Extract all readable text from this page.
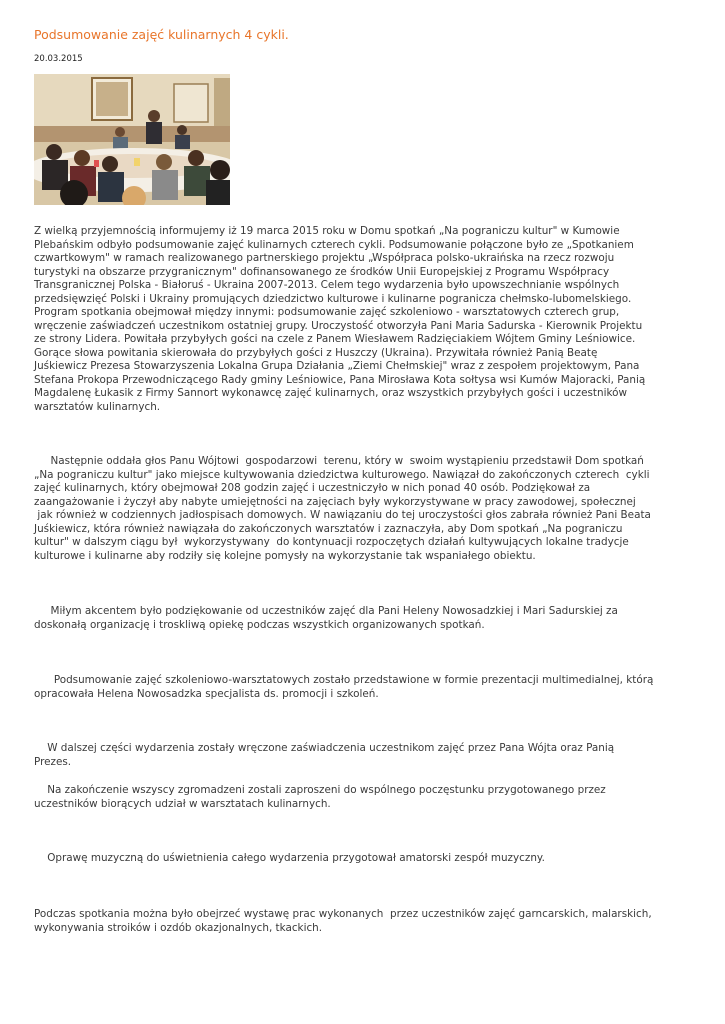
Podsumowanie zajęć kulinarnych 4 cykli.
20.03.2015
Z wielką przyjemnością informujemy iż 19 marca 2015 roku w Domu spotkań „Na pograniczu kultur" w Kumowie
Plebańskim odbyło podsumowanie zajęć kulinarnych czterech cykli. Podsumowanie połączone było ze „Spotkaniem
czwartkowym" w ramach realizowanego partnerskiego projektu „Współpraca polsko-ukraińska na rzecz rozwoju
turystyki na obszarze przygranicznym" dofinansowanego ze środków Unii Europejskiej z Programu Współpracy
Transgranicznej Polska - Białoruś - Ukraina 2007-2013. Celem tego wydarzenia było upowszechnianie wspólnych
przedsięwzięć Polski i Ukrainy promujących dziedzictwo kulturowe i kulinarne pogranicza chełmsko-lubomelskiego.
Program spotkania obejmował między innymi: podsumowanie zajęć szkoleniowo - warsztatowych czterech grup,
wręczenie zaświadczeń uczestnikom ostatniej grupy. Uroczystość otworzyła Pani Maria Sadurska - Kierownik Projektu
ze strony Lidera. Powitała przybyłych gości na czele z Panem Wiesławem Radzięciakiem Wójtem Gminy Leśniowice.
Gorące słowa powitania skierowała do przybyłych gości z Huszczy (Ukraina). Przywitała również Panią Beatę
Juśkiewicz Prezesa Stowarzyszenia Lokalna Grupa Działania „Ziemi Chełmskiej" wraz z zespołem projektowym, Pana
Stefana Prokopa Przewodniczącego Rady gminy Leśniowice, Pana Mirosława Kota sołtysa wsi Kumów Majoracki, Panią
Magdalenę Łukasik z Firmy Sannort wykonawcę zajęć kulinarnych, oraz wszystkich przybyłych gości i uczestników
warsztatów kulinarnych.
Następnie oddała głos Panu Wójtowi  gospodarzowi  terenu, który w  swoim wystąpieniu przedstawił Dom spotkań
„Na pograniczu kultur" jako miejsce kultywowania dziedzictwa kulturowego. Nawiązał do zakończonych czterech  cykli
zajęć kulinarnych, który obejmował 208 godzin zajęć i uczestniczyło w nich ponad 40 osób. Podziękował za
zaangażowanie i życzył aby nabyte umiejętności na zajęciach były wykorzystywane w pracy zawodowej, społecznej
jak również w codziennych jadłospisach domowych. W nawiązaniu do tej uroczystości głos zabrała również Pani Beata
Juśkiewicz, która również nawiązała do zakończonych warsztatów i zaznaczyła, aby Dom spotkań „Na pograniczu
kultur" w dalszym ciągu był  wykorzystywany  do kontynuacji rozpoczętych działań kultywujących lokalne tradycje
kulturowe i kulinarne aby rodziły się kolejne pomysły na wykorzystanie tak wspaniałego obiektu.
Miłym akcentem było podziękowanie od uczestników zajęć dla Pani Heleny Nowosadzkiej i Mari Sadurskiej za
doskonałą organizację i troskliwą opiekę podczas wszystkich organizowanych spotkań.
Podsumowanie zajęć szkoleniowo-warsztatowych zostało przedstawione w formie prezentacji multimedialnej, którą
opracowała Helena Nowosadzka specjalista ds. promocji i szkoleń.
W dalszej części wydarzenia zostały wręczone zaświadczenia uczestnikom zajęć przez Pana Wójta oraz Panią
Prezes.
Na zakończenie wszyscy zgromadzeni zostali zaproszeni do wspólnego poczęstunku przygotowanego przez
uczestników biorących udział w warsztatach kulinarnych.
Oprawę muzyczną do uświetnienia całego wydarzenia przygotował amatorski zespół muzyczny.
Podczas spotkania można było obejrzeć wystawę prac wykonanych  przez uczestników zajęć garncarskich, malarskich,
wykonywania stroików i ozdób okazjonalnych, tkackich.
